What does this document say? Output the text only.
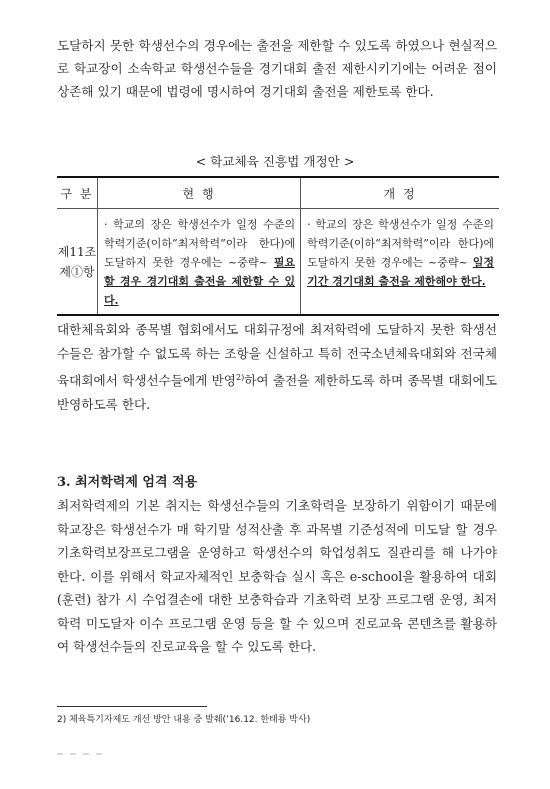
도달하지 못한 학생선수의 경우에는 출전을 제한할 수 있도록 하였으나 현실적으로 학교장이 소속학교 학생선수들을 경기대회 출전 제한시키기에는 어려운 점이 상존해 있기 때문에 법령에 명시하여 경기대회 출전을 제한토록 한다.

< 학교체육 진흥법 개정안 >
구 분	현 행	개 정

제11조
제①항	· 학교의 장은 학생선수가 일정 수준의 학력기준(이하“최저학력”이라 한다)에 도달하지 못한 경우에는 ~중략~ 필요할 경우 경기대회 출전을 제한할 수 있다.	· 학교의 장은 학생선수가 일정 수준의 학력기준(이하“최저학력”이라 한다)에 도달하지 못한 경우에는 ~중략~ 일정기간 경기대회 출전을 제한해야 한다.

대한체육회와 종목별 협회에서도 대회규정에 최저학력에 도달하지 못한 학생선수들은 참가할 수 없도록 하는 조항을 신설하고 특히 전국소년체육대회와 전국체육대회에서 학생선수들에게 반영$^{2)}$하여 출전을 제한하도록 하며 종목별 대회에도 반영하도록 한다.

3. 최저학력제 엄격 적용

최저학력제의 기본 취지는 학생선수들의 기초학력을 보장하기 위함이기 때문에 학교장은 학생선수가 매 학기말 성적산출 후 과목별 기준성적에 미도달 할 경우 기초학력보장프로그램을 운영하고 학생선수의 학업성취도 질관리를 해 나가야 한다. 이를 위해서 학교자체적인 보충학습 실시 혹은 e-school을 활용하여 대회(훈련) 참가 시 수업결손에 대한 보충학습과 기초학력 보장 프로그램 운영, 최저학력 미도달자 이수 프로그램 운영 등을 할 수 있으며 진로교육 콘텐츠를 활용하여 학생선수들의 진로교육을 할 수 있도록 한다.

2) 체육특기자제도 개선 방안 내용 중 발췌(’16.12. 한태룡 박사)
